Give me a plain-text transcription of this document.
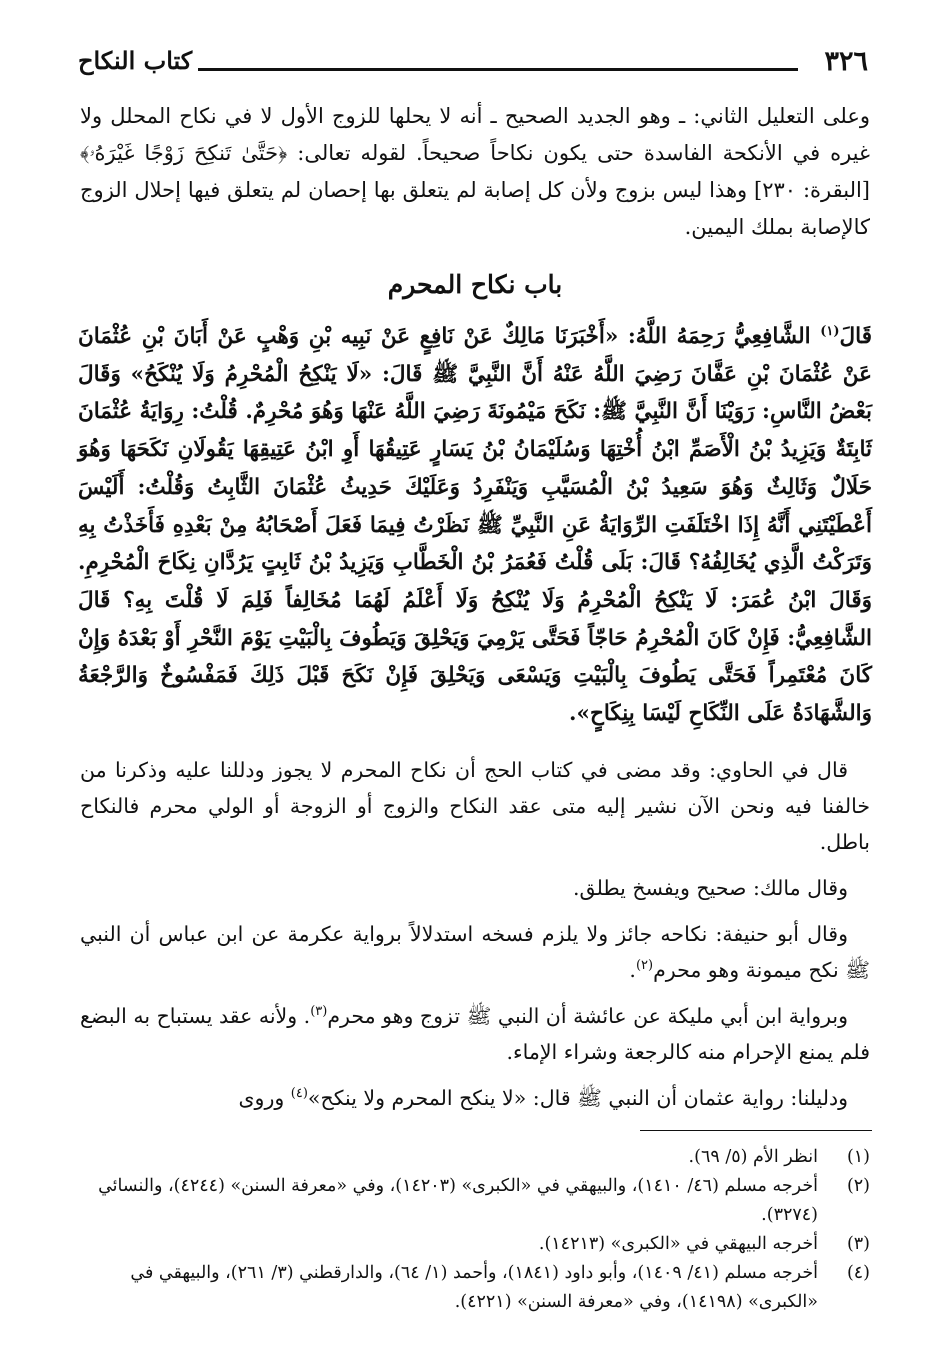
٣٢٦
كتاب النكاح
وعلى التعليل الثاني: ـ وهو الجديد الصحيح ـ أنه لا يحلها للزوج الأول لا في نكاح المحلل ولا غيره في الأنكحة الفاسدة حتى يكون نكاحاً صحيحاً. لقوله تعالى: ﴿حَتَّىٰ تَنكِحَ زَوْجًا غَيْرَهُۥ﴾ [البقرة: ٢٣٠] وهذا ليس بزوج ولأن كل إصابة لم يتعلق بها إحصان لم يتعلق فيها إحلال الزوج كالإصابة بملك اليمين.
باب نكاح المحرم
قَالَ$^{(١)}$ الشَّافِعِيُّ رَحِمَهُ اللَّهُ: «أَخْبَرَنَا مَالِكٌ عَنْ نَافِعٍ عَنْ نَبِيه بْنِ وَهْبٍ عَنْ أَبَانَ بْنِ عُثْمَانَ عَنْ عُثْمَانَ بْنِ عَفَّانَ رَضِيَ اللَّهُ عَنْهُ أَنَّ النَّبِيَّ ﷺ قَالَ: «لَا يَنْكِحُ الْمُحْرِمُ وَلَا يُنْكَحُ» وَقَالَ بَعْضُ النَّاسِ: رَوَيْنَا أَنَّ النَّبِيَّ ﷺ: نَكَحَ مَيْمُونَةَ رَضِيَ اللَّهُ عَنْهَا وَهُوَ مُحْرِمٌ. قُلْتُ: رِوَايَةُ عُثْمَانَ ثَابِتَةٌ وَيَزِيدُ بْنُ الْأَصَمِّ ابْنُ أُخْتِهَا وَسُلَيْمَانُ بْنُ يَسَارٍ عَتِيقُهَا أَوِ ابْنُ عَتِيقِهَا يَقُولَانِ نَكَحَهَا وَهُوَ حَلَالٌ وَثَالِثٌ وَهُوَ سَعِيدُ بْنُ الْمُسَيَّبِ وَيَنْفَرِدُ وَعَلَيْكَ حَدِيثُ عُثْمَانَ الثَّابِتُ وَقُلْتُ: أَلَيْسَ أَعْطَيْتَنِي أَنَّهُ إِذَا اخْتَلَفَتِ الرِّوَايَةُ عَنِ النَّبِيِّ ﷺ نَظَرْتُ فِيمَا فَعَلَ أَصْحَابُهُ مِنْ بَعْدِهِ فَأَخَذْتُ بِهِ وَتَرَكْتُ الَّذِي يُخَالِفُهُ؟ قَالَ: بَلَى قُلْتُ فَعُمَرُ بْنُ الْخَطَّابِ وَيَزِيدُ بْنُ ثَابِتٍ يَرُدَّانِ نِكَاحَ الْمُحْرِمِ. وَقَالَ ابْنُ عُمَرَ: لَا يَنْكِحُ الْمُحْرِمُ وَلَا يُنْكِحُ وَلَا أَعْلَمُ لَهُمَا مُخَالِفاً فَلِمَ لَا قُلْتَ بِهِ؟ قَالَ الشَّافِعِيُّ: فَإِنْ كَانَ الْمُحْرِمُ حَاجّاً فَحَتَّى يَرْمِيَ وَيَحْلِقَ وَيَطُوفَ بِالْبَيْتِ يَوْمَ النَّحْرِ أَوْ بَعْدَهُ وَإِنْ كَانَ مُعْتَمِراً فَحَتَّى يَطُوفَ بِالْبَيْتِ وَيَسْعَى وَيَحْلِقَ فَإِنْ نَكَحَ قَبْلَ ذَلِكَ فَمَفْسُوخٌ وَالرَّجْعَةُ وَالشَّهَادَةُ عَلَى النِّكَاحِ لَيْسَا بِنِكَاحٍ».

قال في الحاوي: وقد مضى في كتاب الحج أن نكاح المحرم لا يجوز ودللنا عليه وذكرنا من خالفنا فيه ونحن الآن نشير إليه متى عقد النكاح والزوج أو الزوجة أو الولي محرم فالنكاح باطل.

وقال مالك: صحيح ويفسخ يطلق.

وقال أبو حنيفة: نكاحه جائز ولا يلزم فسخه استدلالاً برواية عكرمة عن ابن عباس أن النبي ﷺ نكح ميمونة وهو محرم$^{(٢)}$.

وبرواية ابن أبي مليكة عن عائشة أن النبي ﷺ تزوج وهو محرم$^{(٣)}$. ولأنه عقد يستباح به البضع فلم يمنع الإحرام منه كالرجعة وشراء الإماء.

ودليلنا: رواية عثمان أن النبي ﷺ قال: «لا ينكح المحرم ولا ينكح»$^{(٤)}$ وروى

(١)
انظر الأم (٥/ ٦٩).
(٢)
أخرجه مسلم (٤٦/ ١٤١٠)، والبيهقي في «الكبرى» (١٤٢٠٣)، وفي «معرفة السنن» (٤٢٤٤)، والنسائي (٣٢٧٤).
(٣)
أخرجه البيهقي في «الكبرى» (١٤٢١٣).
(٤)
أخرجه مسلم (٤١/ ١٤٠٩)، وأبو داود (١٨٤١)، وأحمد (١/ ٦٤)، والدارقطني (٣/ ٢٦١)، والبيهقي في «الكبرى» (١٤١٩٨)، وفي «معرفة السنن» (٤٢٢١).
